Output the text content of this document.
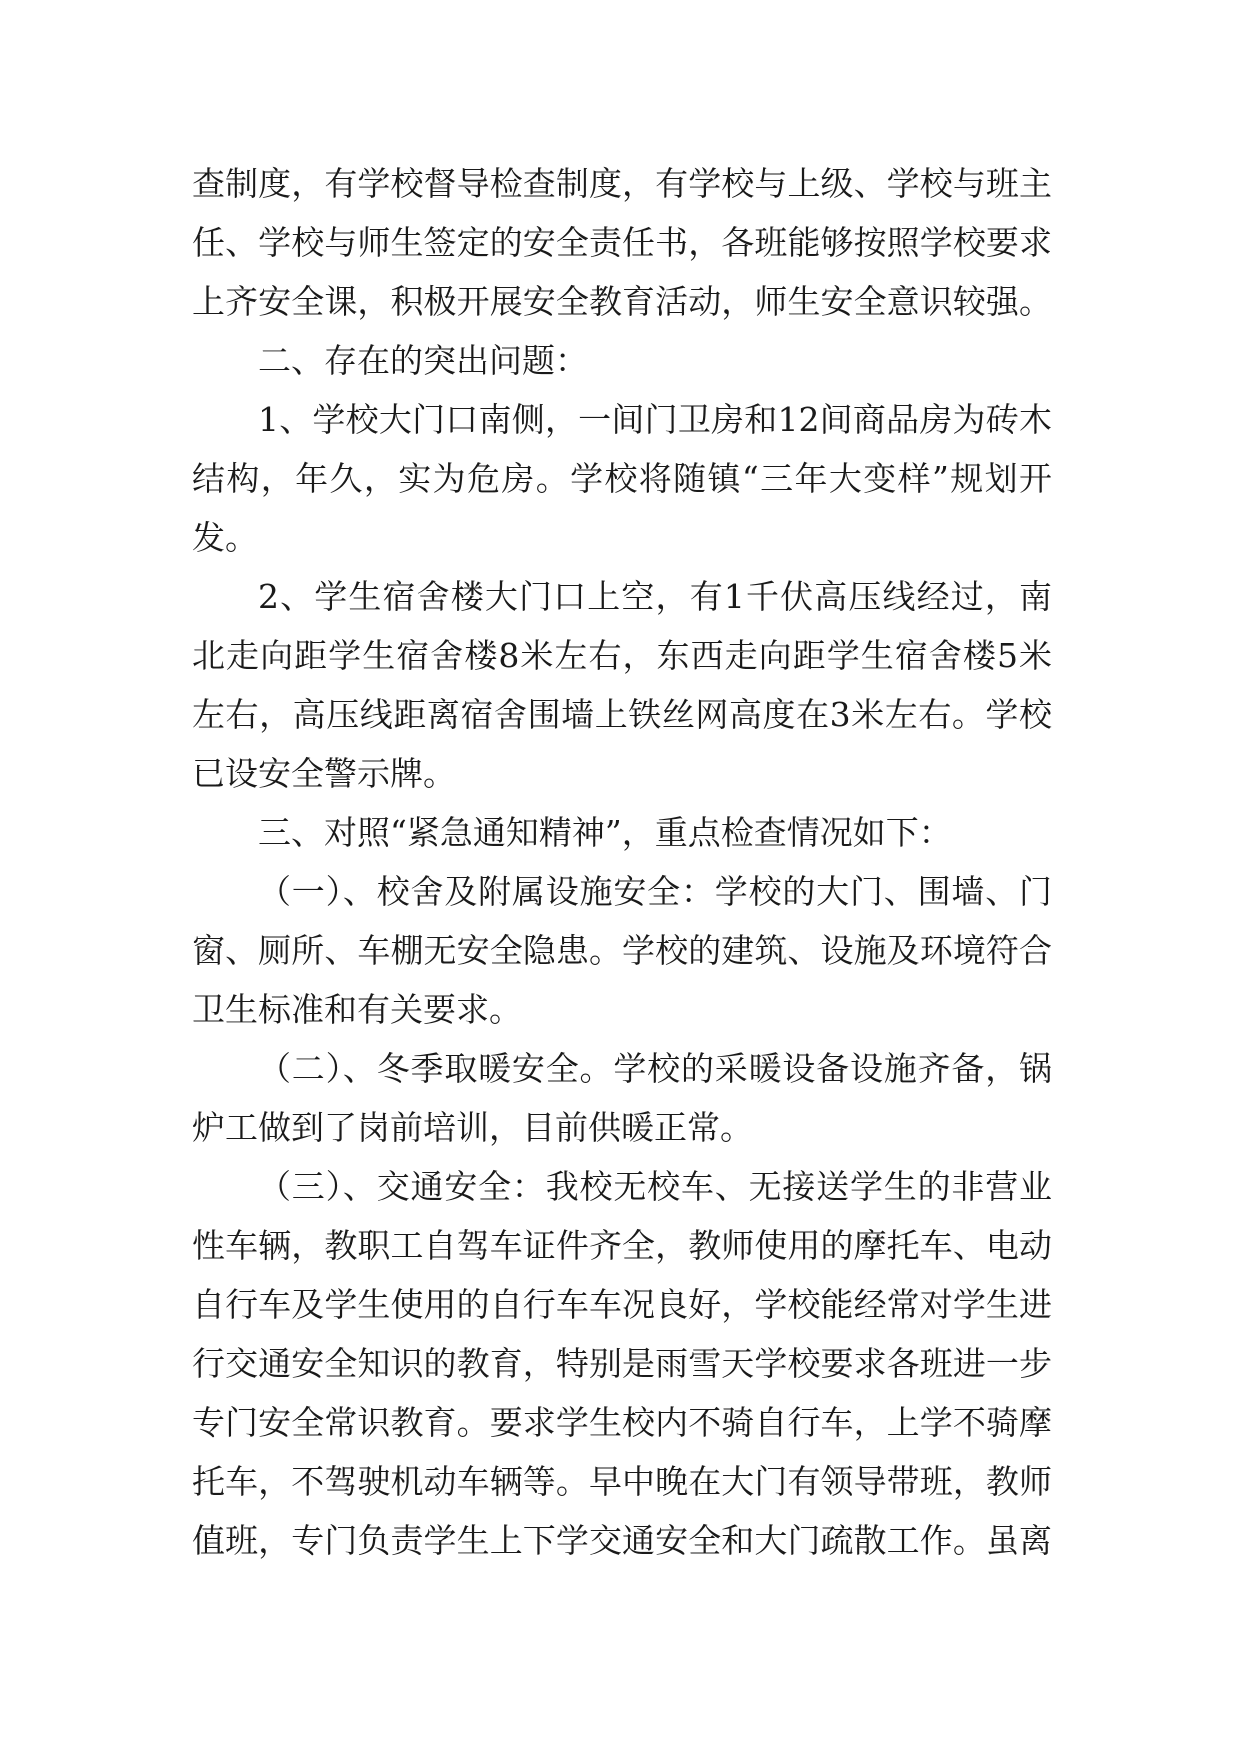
查制度，有学校督导检查制度，有学校与上级、学校与班主
任、学校与师生签定的安全责任书，各班能够按照学校要求
上齐安全课，积极开展安全教育活动，师生安全意识较强。
二、存在的突出问题：
1、学校大门口南侧，一间门卫房和12间商品房为砖木
结构，年久，实为危房。学校将随镇“三年大变样”规划开
发。
2、学生宿舍楼大门口上空，有1千伏高压线经过，南
北走向距学生宿舍楼8米左右，东西走向距学生宿舍楼5米
左右，高压线距离宿舍围墙上铁丝网高度在3米左右。学校
已设安全警示牌。
三、对照“紧急通知精神”，重点检查情况如下：
（一）、校舍及附属设施安全：学校的大门、围墙、门
窗、厕所、车棚无安全隐患。学校的建筑、设施及环境符合
卫生标准和有关要求。
（二）、冬季取暖安全。学校的采暖设备设施齐备，锅
炉工做到了岗前培训，目前供暖正常。
（三）、交通安全：我校无校车、无接送学生的非营业
性车辆，教职工自驾车证件齐全，教师使用的摩托车、电动
自行车及学生使用的自行车车况良好，学校能经常对学生进
行交通安全知识的教育，特别是雨雪天学校要求各班进一步
专门安全常识教育。要求学生校内不骑自行车，上学不骑摩
托车，不驾驶机动车辆等。早中晚在大门有领导带班，教师
值班，专门负责学生上下学交通安全和大门疏散工作。虽离
